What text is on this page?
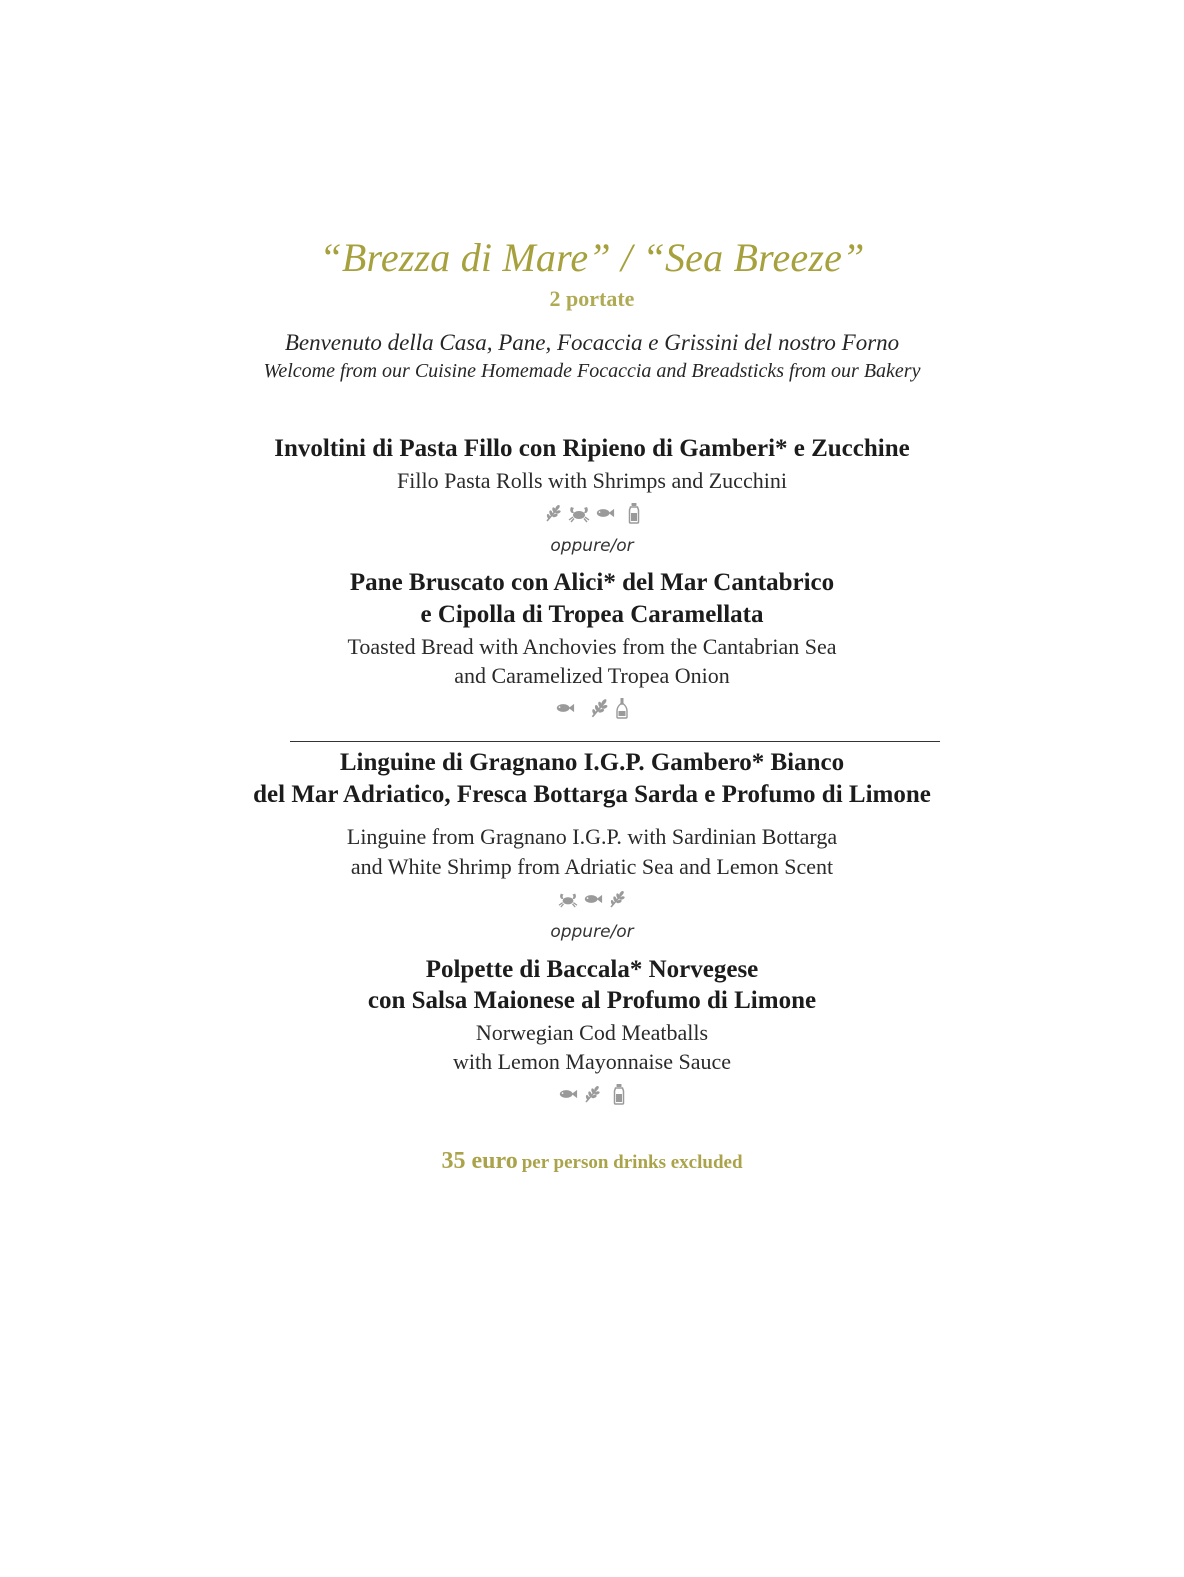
“Brezza di Mare” / “Sea Breeze”

2 portate

Benvenuto della Casa, Pane, Focaccia e Grissini del nostro Forno

Welcome from our Cuisine Homemade Focaccia and Breadsticks from our Bakery

Involtini di Pasta Fillo con Ripieno di Gamberi* e Zucchine

Fillo Pasta Rolls with Shrimps and Zucchini

oppure/or

Pane Bruscato con Alici* del Mar Cantabrico

e Cipolla di Tropea Caramellata

Toasted Bread with Anchovies from the Cantabrian Sea

and Caramelized Tropea Onion

Linguine di Gragnano I.G.P. Gambero* Bianco

del Mar Adriatico, Fresca Bottarga Sarda e Profumo di Limone

Linguine from Gragnano I.G.P. with Sardinian Bottarga

and White Shrimp from Adriatic Sea and Lemon Scent

oppure/or

Polpette di Baccala* Norvegese

con Salsa Maionese al Profumo di Limone

Norwegian Cod Meatballs

with Lemon Mayonnaise Sauce

35 euro per person drinks excluded
